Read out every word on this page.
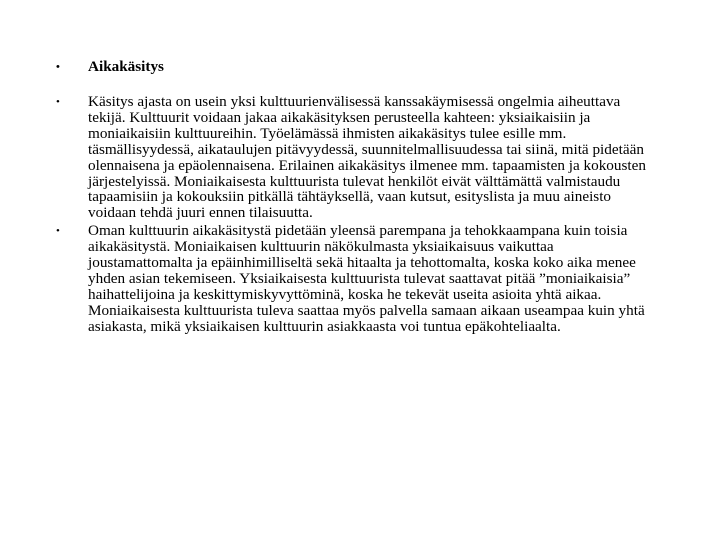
•	Aikakäsitys
•	Käsitys ajasta on usein yksi kulttuurienvälisessä kanssakäymisessä ongelmia aiheuttava tekijä. Kulttuurit voidaan jakaa aikakäsityksen perusteella kahteen: yksiaikaisiin ja moniaikaisiin kulttuureihin. Työelämässä ihmisten aikakäsitys tulee esille mm. täsmällisyydessä, aikataulujen pitävyydessä, suunnitelmallisuudessa tai siinä, mitä pidetään olennaisena ja epäolennaisena. Erilainen aikakäsitys ilmenee mm. tapaamisten ja kokousten järjestelyissä. Moniaikaisesta kulttuurista tulevat henkilöt eivät välttämättä valmistaudu tapaamisiin ja kokouksiin pitkällä tähtäyksellä, vaan kutsut, esityslista ja muu aineisto voidaan tehdä juuri ennen tilaisuutta.
•	Oman kulttuurin aikakäsitystä pidetään yleensä parempana ja tehokkaampana kuin toisia aikakäsitystä. Moniaikaisen kulttuurin näkökulmasta yksiaikaisuus vaikuttaa joustamattomalta ja epäinhimilliseltä sekä hitaalta ja tehottomalta, koska koko aika menee yhden asian tekemiseen. Yksiaikaisesta kulttuurista tulevat saattavat pitää ”moniaikaisia” haihattelijoina ja keskittymiskyvyttöminä, koska he tekevät useita asioita yhtä aikaa. Moniaikaisesta kulttuurista tuleva saattaa myös palvella samaan aikaan useampaa kuin yhtä asiakasta, mikä yksiaikaisen kulttuurin asiakkaasta voi tuntua epäkohteliaalta.
